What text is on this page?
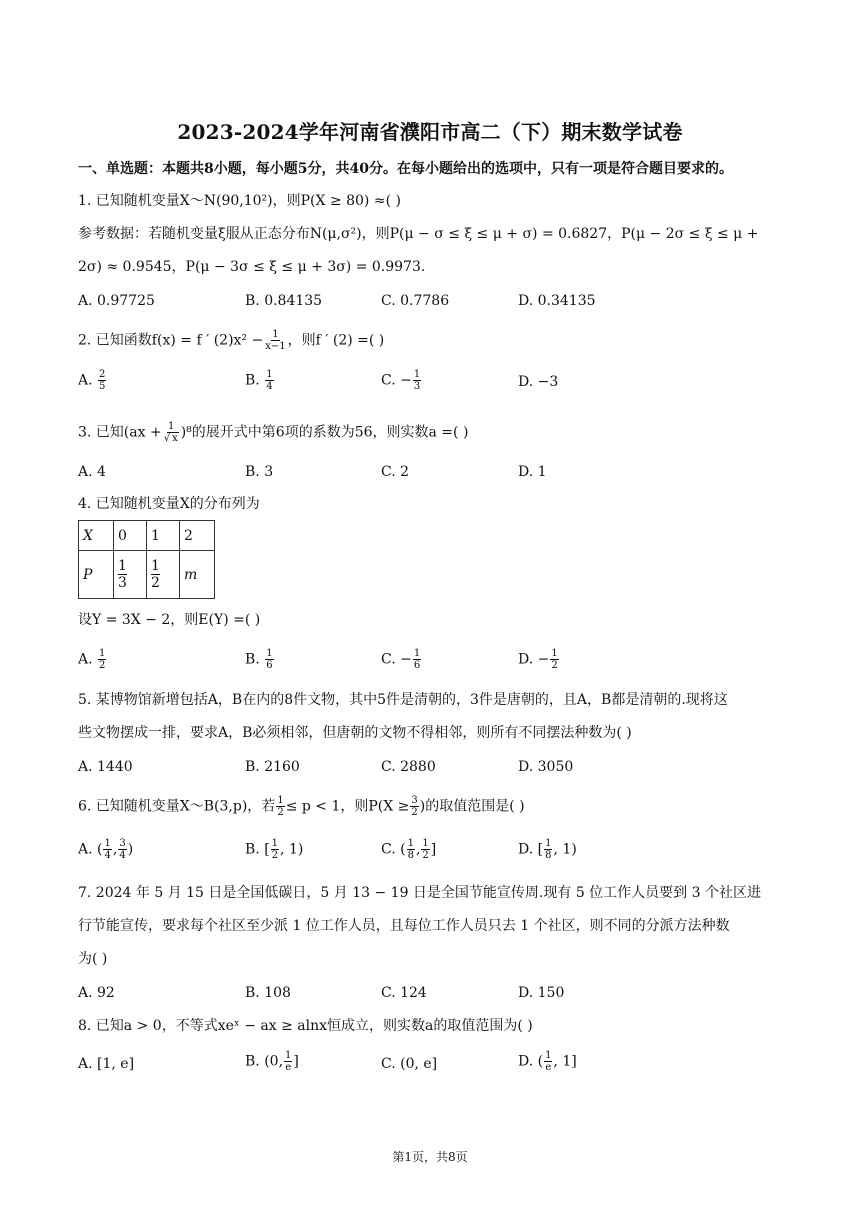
2023-2024学年河南省濮阳市高二（下）期末数学试卷
一、单选题：本题共8小题，每小题5分，共40分。在每小题给出的选项中，只有一项是符合题目要求的。
1. 已知随机变量X～N(90,10²)，则P(X ≥ 80) ≈( )
参考数据：若随机变量ξ服从正态分布N(μ,σ²)，则P(μ − σ ≤ ξ ≤ μ + σ) = 0.6827，P(μ − 2σ ≤ ξ ≤ μ +
2σ) ≈ 0.9545，P(μ − 3σ ≤ ξ ≤ μ + 3σ) = 0.9973.
A. 0.97725	B. 0.84135	C. 0.7786	D. 0.34135
2. 已知函数f(x) = f ′ $(2)x^2 - \frac{1}{x-1}$ ，则f ′ (2) =( )
A. $\frac{2}{5}$	B. $\frac{1}{4}$	C. − $\frac{1}{3}$	D. −3
3. 已知$(ax + \frac{1}{√ x} )^8$的展开式中第6项的系数为56，则实数a =( )
A. 4	B. 3	C. 2	D. 1
4. 已知随机变量X的分布列为
X	0	1	2
P	$\frac{1}{3}$	$\frac{1}{2}$	m
设Y = 3X − 2，则E(Y) =( )
A. $\frac{1}{2}$	B. $\frac{1}{6}$	C. − $\frac{1}{6}$	D. − $\frac{1}{2}$
5. 某博物馆新增包括A，B在内的8件文物，其中5件是清朝的，3件是唐朝的，且A，B都是清朝的.现将这
些文物摆成一排，要求A，B必须相邻，但唐朝的文物不得相邻，则所有不同摆法种数为( )
A. 1440	B. 2160	C. 2880	D. 3050
6. 已知随机变量X～B(3,p)，若 $\frac{1}{2} \le p < 1$，则$P(X \ge \frac{3}{2}$ )的取值范围是( )
A. ( $\frac{1}{4}$ , $\frac{3}{4}$ )	B. [ $\frac{1}{2}$ , 1)	C. ( $\frac{1}{8}$ , $\frac{1}{2}$ ]	D. [ $\frac{1}{8}$ , 1)
7. 2024 年 5 月 15 日是全国低碳日，5 月 13 − 19 日是全国节能宣传周.现有 5 位工作人员要到 3 个社区进
行节能宣传，要求每个社区至少派 1 位工作人员，且每位工作人员只去 1 个社区，则不同的分派方法种数
为( )
A. 92	B. 108	C. 124	D. 150
8. 已知a > 0，不等式xeˣ − ax ≥ alnx恒成立，则实数a的取值范围为( )
A. [1, e]	B. (0, $\frac{1}{e}$ ]	C. (0, e]	D. ( $\frac{1}{e}$ , 1]
第1页，共8页
